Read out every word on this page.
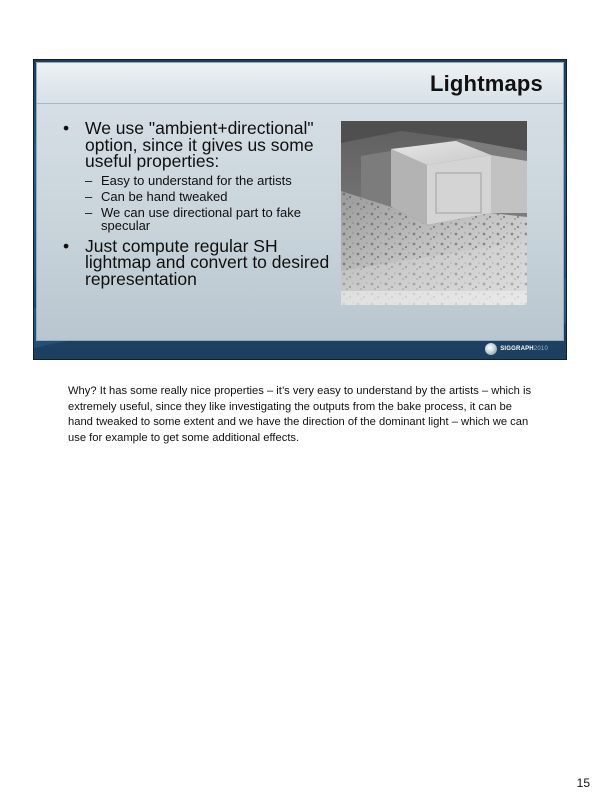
Lightmaps
• We use "ambient+directional" option, since it gives us some useful properties:
– Easy to understand for the artists
– Can be hand tweaked
– We can use directional part to fake specular
• Just compute regular SH lightmap and convert to desired representation
SIGGRAPH2010
Why? It has some really nice properties – it’s very easy to understand by the artists – which is extremely useful, since they like investigating the outputs from the bake process, it can be hand tweaked to some extent and we have the direction of the dominant light – which we can use for example to get some additional effects.
15
